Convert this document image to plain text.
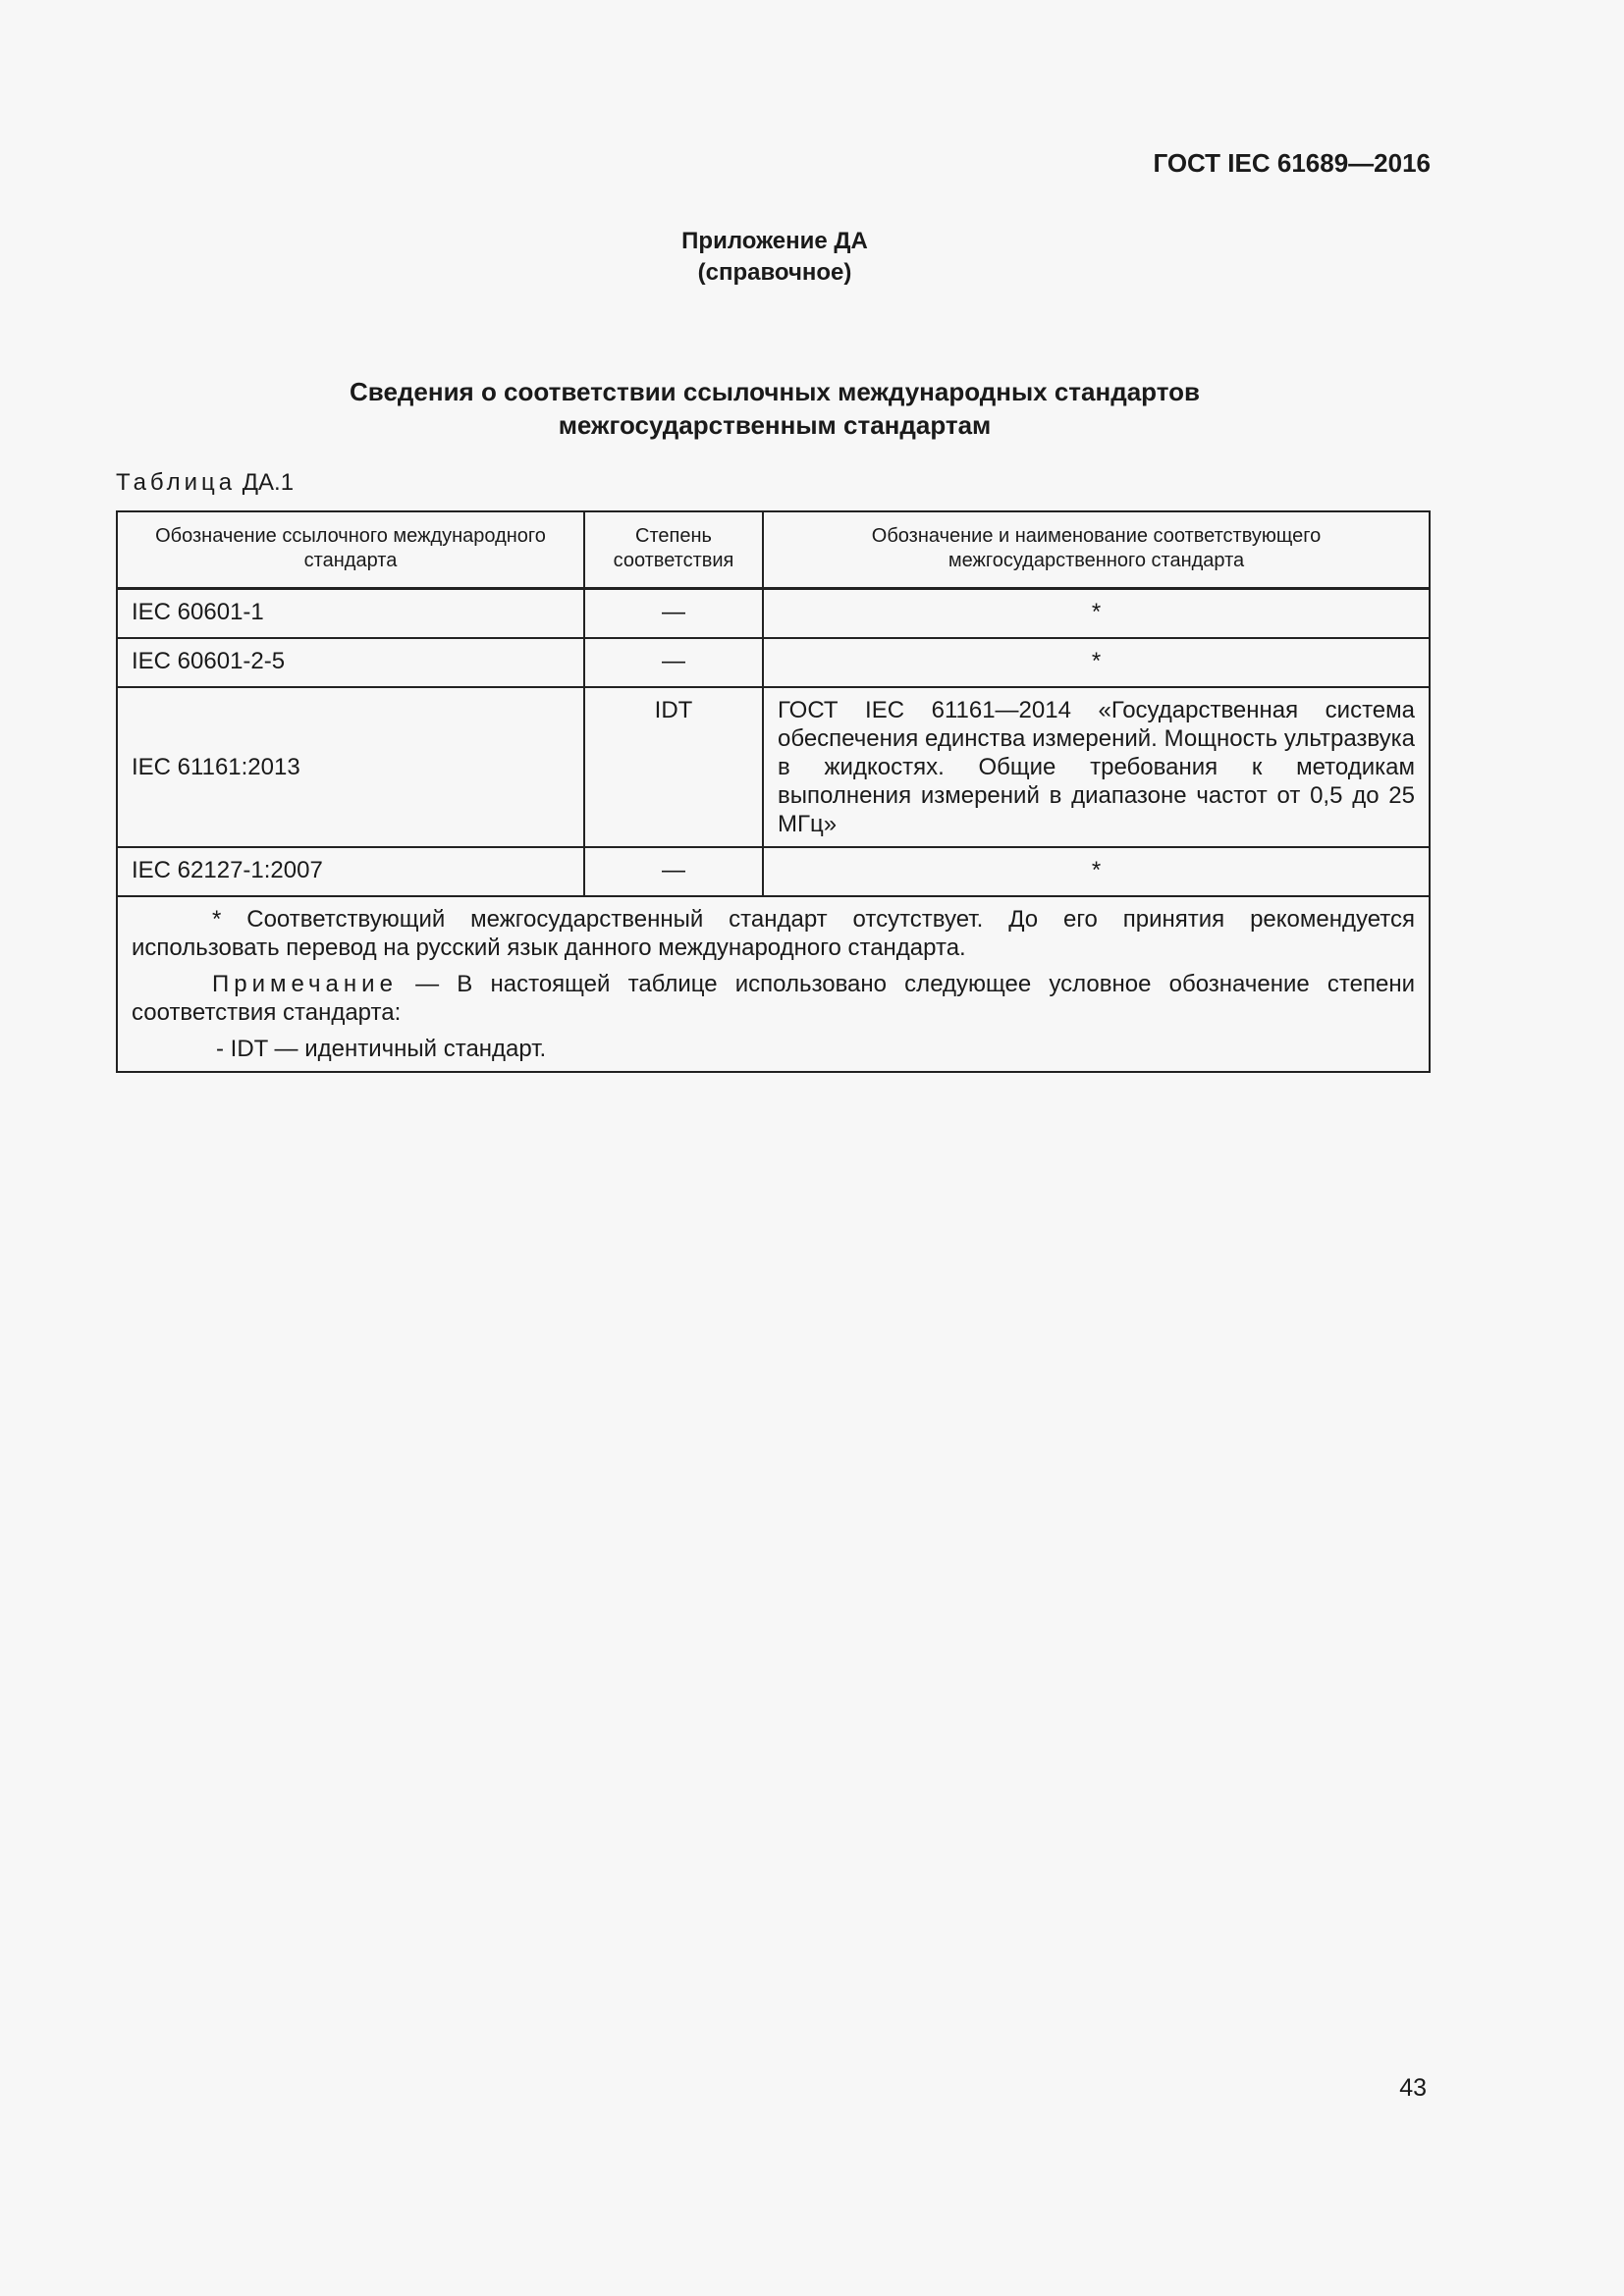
ГОСТ IEC 61689—2016
Приложение ДА
(справочное)
Сведения о соответствии ссылочных международных стандартов
межгосударственным стандартам
Таблица ДА.1
Обозначение ссылочного международного стандарта	Степень соответствия	Обозначение и наименование соответствующего межгосударственного стандарта
IEC 60601-1	—	*
IEC 60601-2-5	—	*
IEC 61161:2013	IDT	ГОСТ IEC 61161—2014 «Государственная система обеспечения единства измерений. Мощность ультразвука в жидкостях. Общие требования к методикам выполнения измерений в диапазоне частот от 0,5 до 25 МГц»
IEC 62127-1:2007	—	*

* Соответствующий межгосударственный стандарт отсутствует. До его принятия рекомендуется использовать перевод на русский язык данного международного стандарта.

Примечание — В настоящей таблице использовано следующее условное обозначение степени соответствия стандарта:

- IDT — идентичный стандарт.		

43
